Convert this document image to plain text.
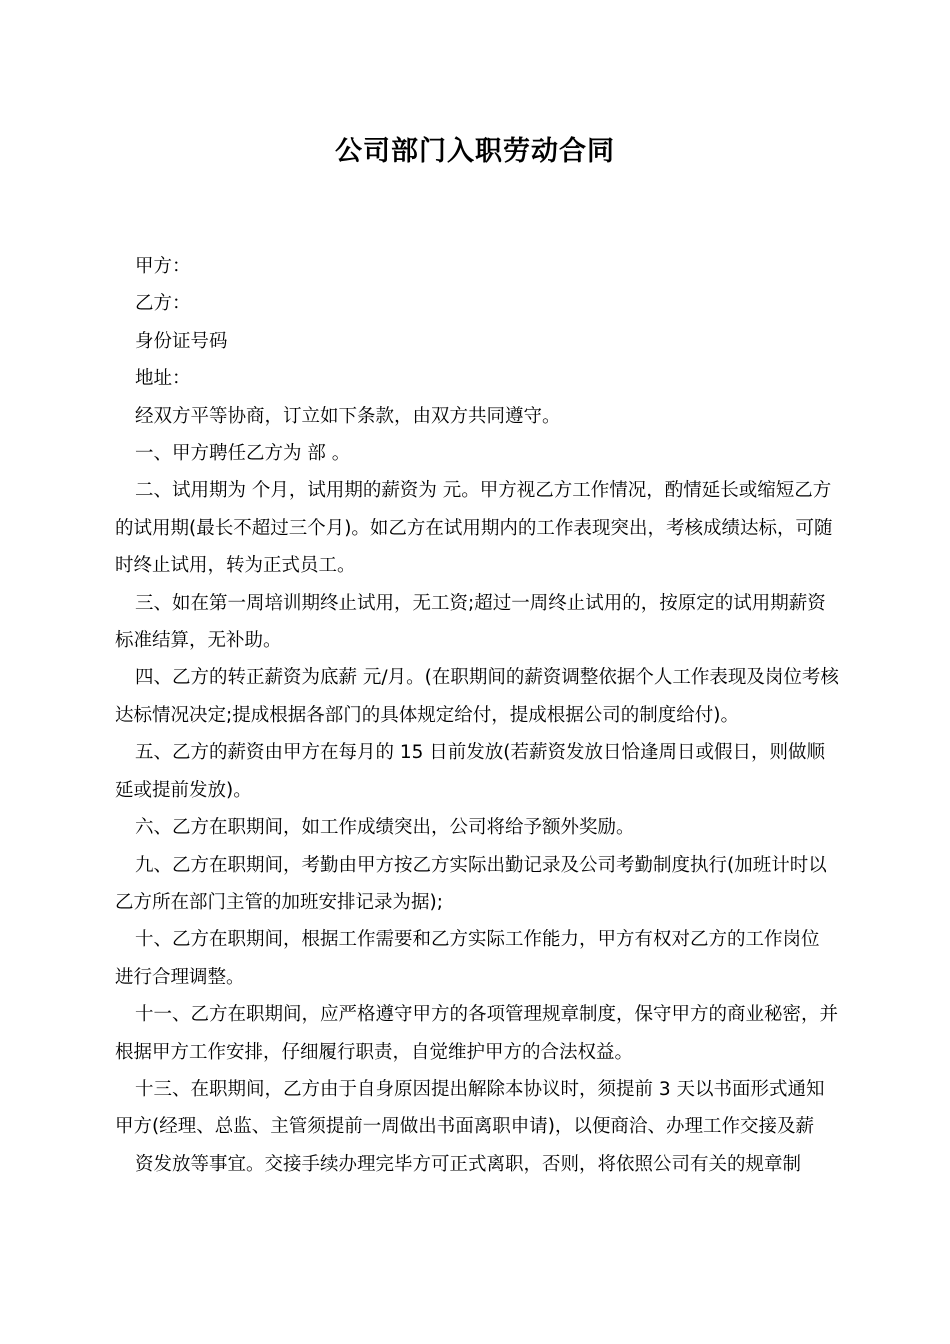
公司部门入职劳动合同

甲方：

乙方：

身份证号码

地址：

经双方平等协商，订立如下条款，由双方共同遵守。

一、甲方聘任乙方为 部 。

二、试用期为 个月，试用期的薪资为 元。甲方视乙方工作情况，酌情延长或缩短乙方的试用期(最长不超过三个月)。如乙方在试用期内的工作表现突出，考核成绩达标，可随时终止试用，转为正式员工。

三、如在第一周培训期终止试用，无工资;超过一周终止试用的，按原定的试用期薪资标准结算，无补助。

四、乙方的转正薪资为底薪 元/月。(在职期间的薪资调整依据个人工作表现及岗位考核达标情况决定;提成根据各部门的具体规定给付，提成根据公司的制度给付)。

五、乙方的薪资由甲方在每月的 15 日前发放(若薪资发放日恰逢周日或假日，则做顺延或提前发放)。

六、乙方在职期间，如工作成绩突出，公司将给予额外奖励。

九、乙方在职期间，考勤由甲方按乙方实际出勤记录及公司考勤制度执行(加班计时以乙方所在部门主管的加班安排记录为据);

十、乙方在职期间，根据工作需要和乙方实际工作能力，甲方有权对乙方的工作岗位 进行合理调整。

十一、乙方在职期间，应严格遵守甲方的各项管理规章制度，保守甲方的商业秘密，并根据甲方工作安排，仔细履行职责，自觉维护甲方的合法权益。

十三、在职期间，乙方由于自身原因提出解除本协议时，须提前 3 天以书面形式通知甲方(经理、总监、主管须提前一周做出书面离职申请)，以便商洽、办理工作交接及薪

资发放等事宜。交接手续办理完毕方可正式离职，否则，将依照公司有关的规章制
